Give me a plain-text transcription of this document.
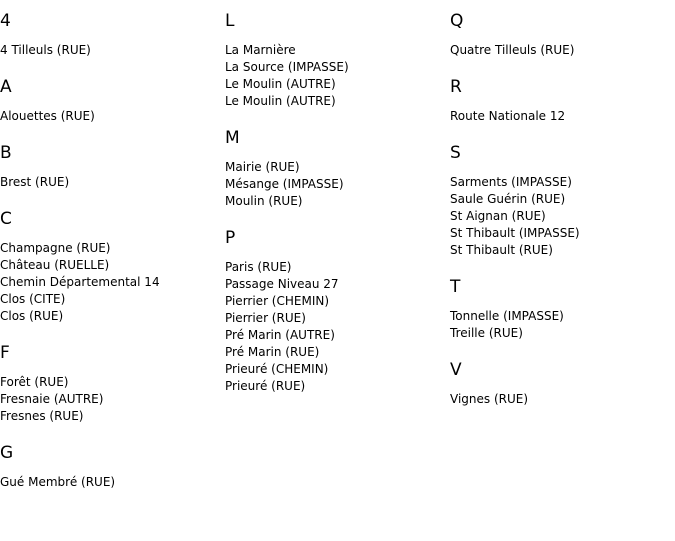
4
4 Tilleuls (RUE)
A
Alouettes (RUE)
B
Brest (RUE)
C
Champagne (RUE)
Château (RUELLE)
Chemin Départemental 14
Clos (CITE)
Clos (RUE)
F
Forêt (RUE)
Fresnaie (AUTRE)
Fresnes (RUE)
G
Gué Membré (RUE)
L
La Marnière
La Source (IMPASSE)
Le Moulin (AUTRE)
Le Moulin (AUTRE)
M
Mairie (RUE)
Mésange (IMPASSE)
Moulin (RUE)
P
Paris (RUE)
Passage Niveau 27
Pierrier (CHEMIN)
Pierrier (RUE)
Pré Marin (AUTRE)
Pré Marin (RUE)
Prieuré (CHEMIN)
Prieuré (RUE)
Q
Quatre Tilleuls (RUE)
R
Route Nationale 12
S
Sarments (IMPASSE)
Saule Guérin (RUE)
St Aignan (RUE)
St Thibault (IMPASSE)
St Thibault (RUE)
T
Tonnelle (IMPASSE)
Treille (RUE)
V
Vignes (RUE)
